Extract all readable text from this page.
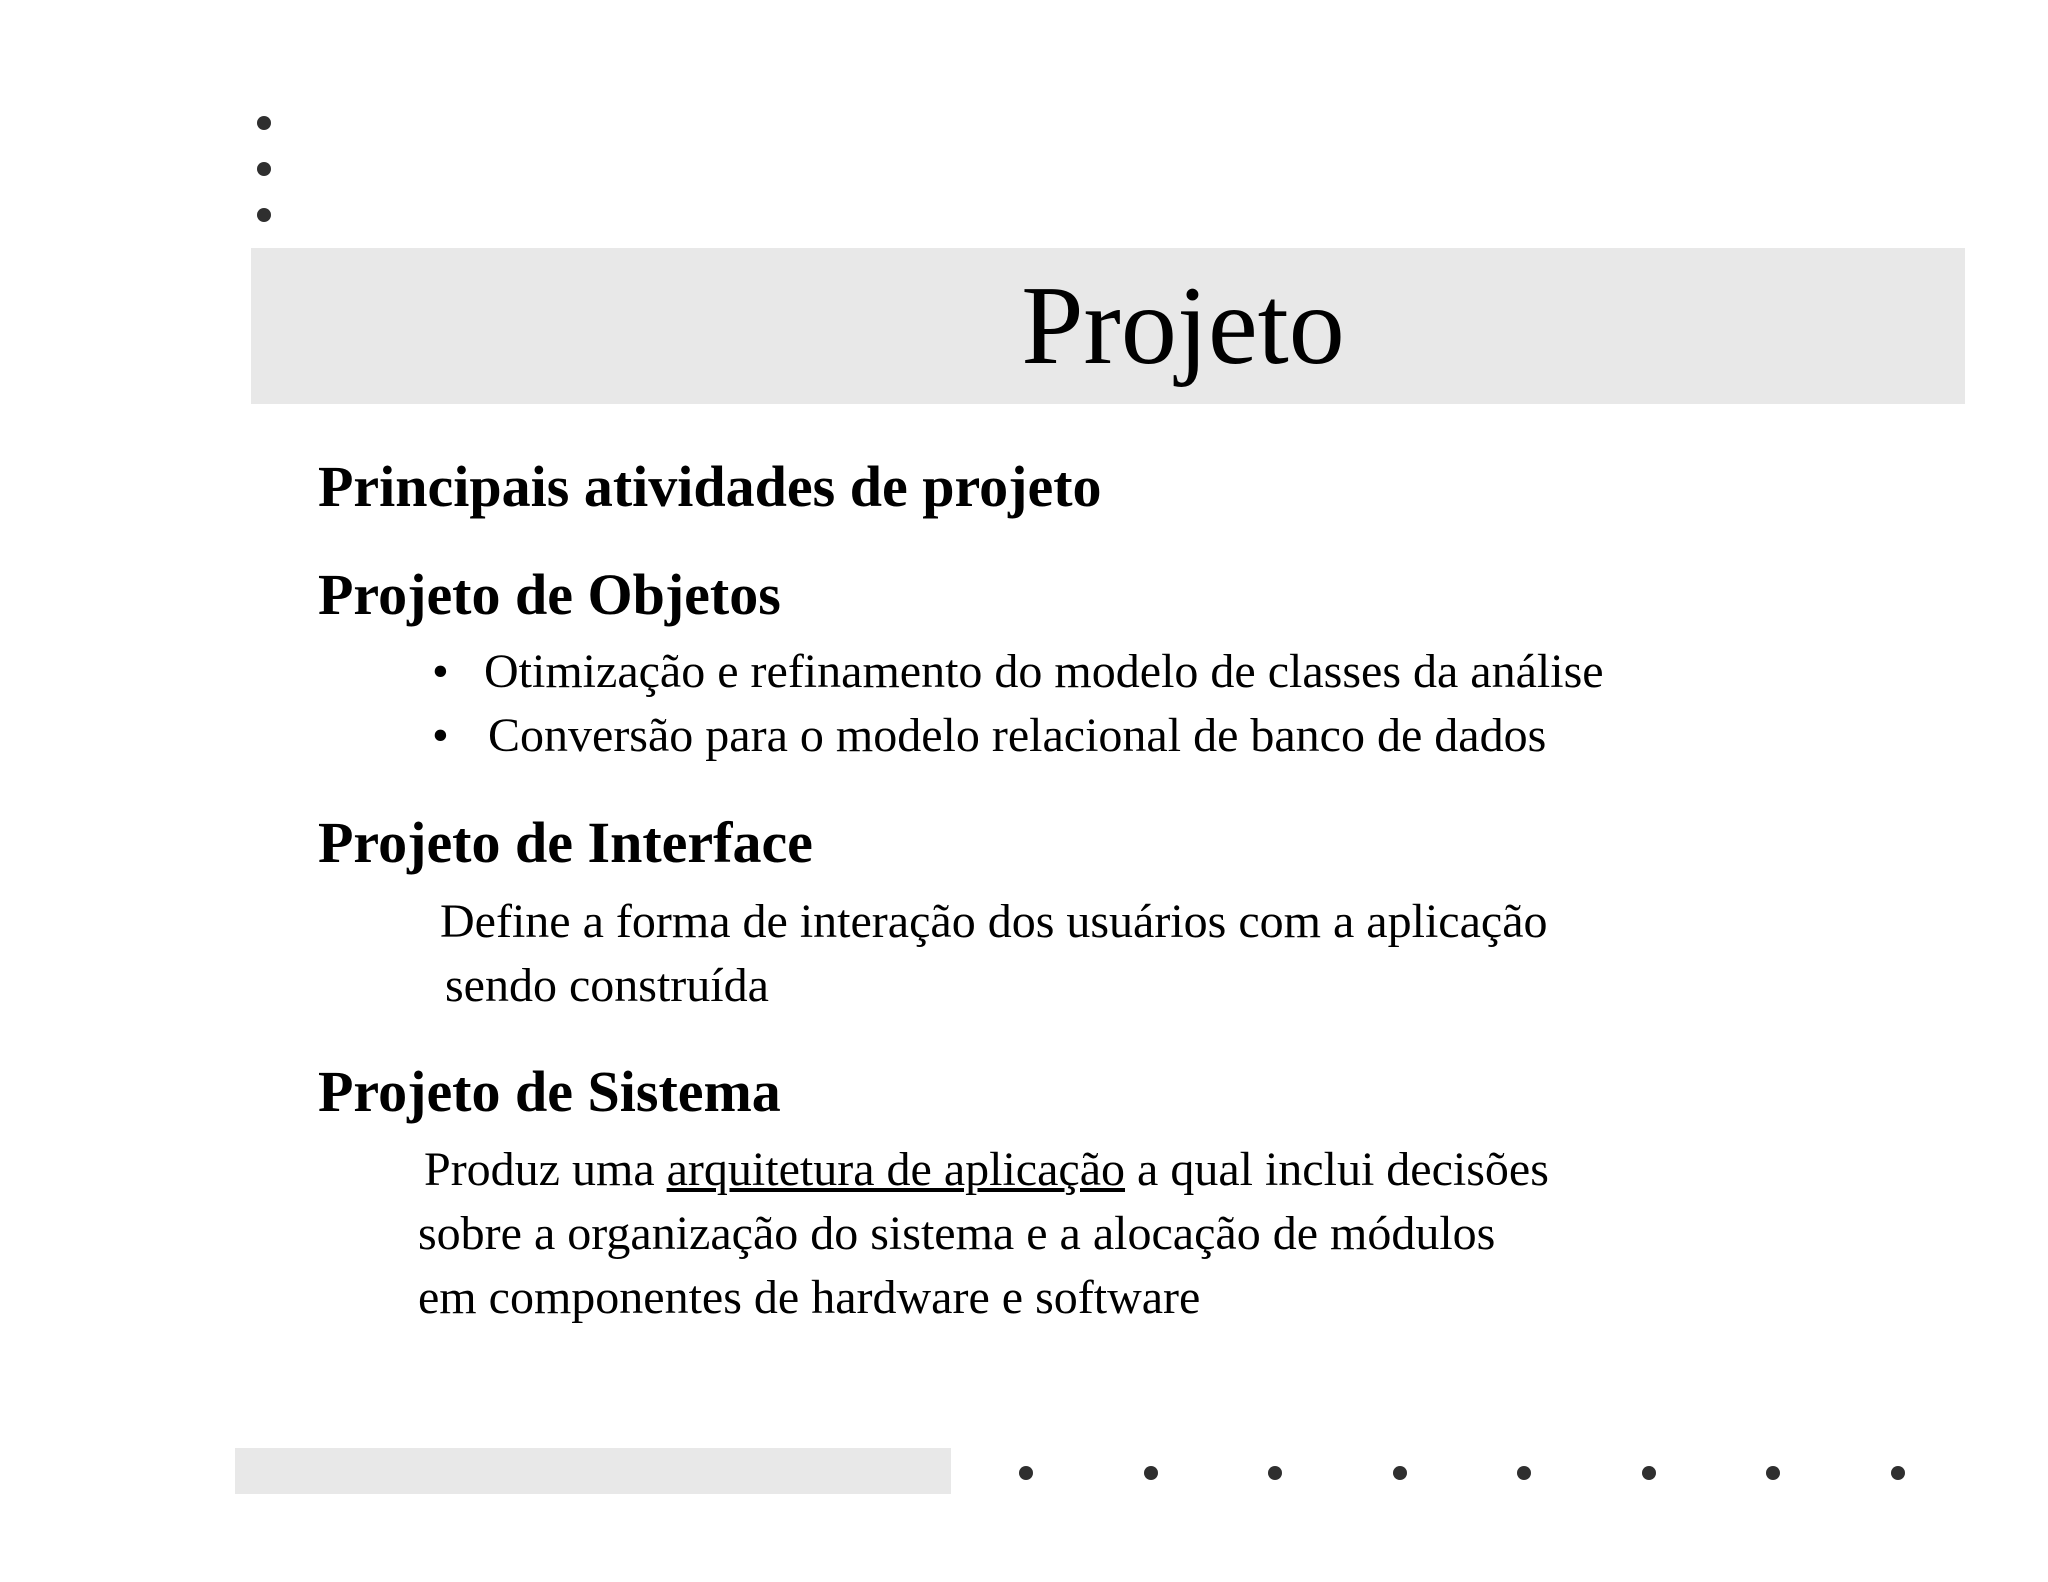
Projeto
Principais atividades de projeto
Projeto de Objetos
• Otimização e refinamento do modelo de classes da análise
• Conversão para o modelo relacional de banco de dados
Projeto de Interface

Define a forma de interação dos usuários com a aplicação

sendo construída

Projeto de Sistema

Produz uma arquitetura de aplicação a qual inclui decisões

sobre a organização do sistema e a alocação de módulos

em componentes de hardware e software
